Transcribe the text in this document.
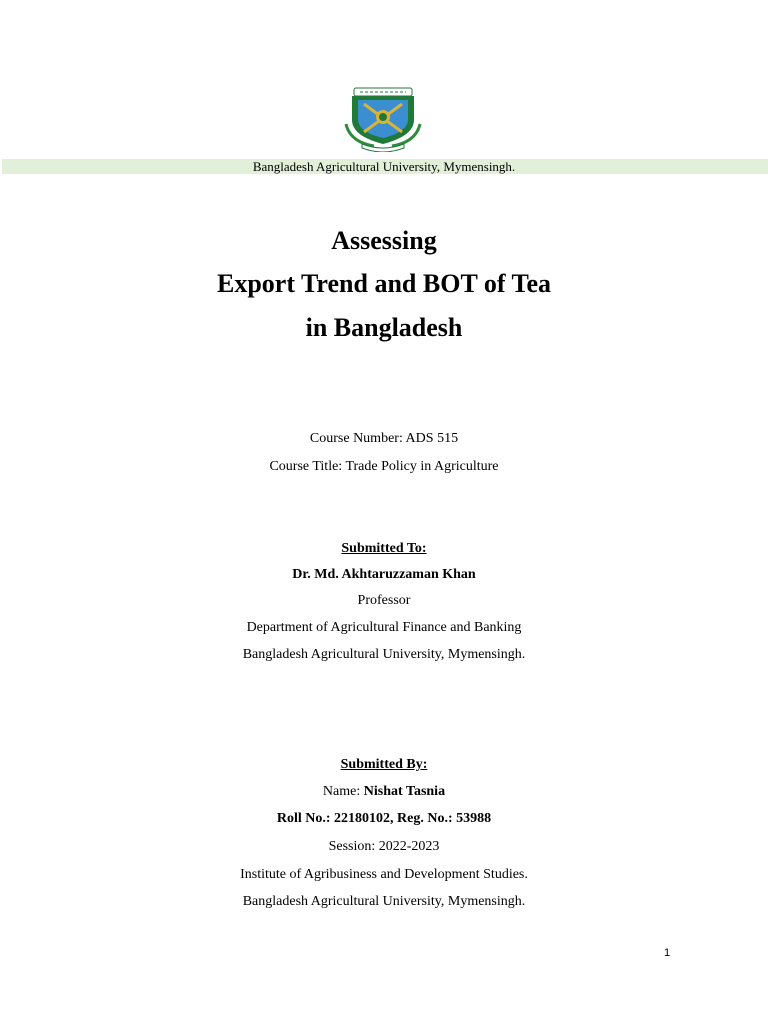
Bangladesh Agricultural University, Mymensingh.
Assessing
Export Trend and BOT of Tea
in Bangladesh
Course Number: ADS 515
Course Title: Trade Policy in Agriculture
Submitted To:
Dr. Md. Akhtaruzzaman Khan
Professor
Department of Agricultural Finance and Banking
Bangladesh Agricultural University, Mymensingh.
Submitted By:
Name: Nishat Tasnia
Roll No.: 22180102, Reg. No.: 53988
Session: 2022-2023
Institute of Agribusiness and Development Studies.
Bangladesh Agricultural University, Mymensingh.
1
